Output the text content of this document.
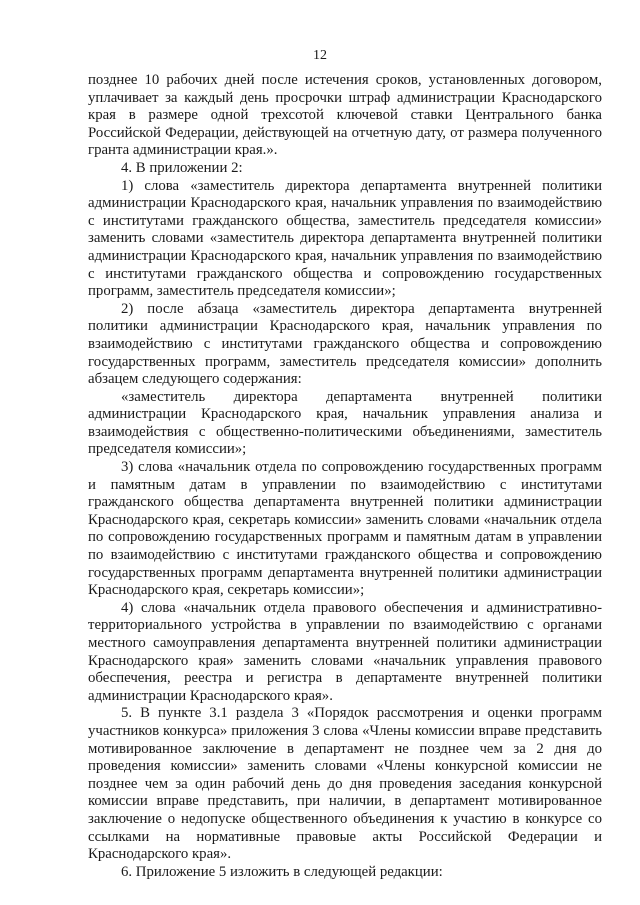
12

позднее 10 рабочих дней после истечения сроков, установленных договором, уплачивает за каждый день просрочки штраф администрации Краснодарского края в размере одной трехсотой ключевой ставки Центрального банка Российской Федерации, действующей на отчетную дату, от размера полученного гранта администрации края.».

4. В приложении 2:

1) слова «заместитель директора департамента внутренней политики администрации Краснодарского края, начальник управления по взаимодействию с институтами гражданского общества, заместитель председателя комиссии» заменить словами «заместитель директора департамента внутренней политики администрации Краснодарского края, начальник управления по взаимодействию с институтами гражданского общества и сопровождению государственных программ, заместитель председателя комиссии»;

2) после абзаца «заместитель директора департамента внутренней политики администрации Краснодарского края, начальник управления по взаимодействию с институтами гражданского общества и сопровождению государственных программ, заместитель председателя комиссии» дополнить абзацем следующего содержания:

«заместитель директора департамента внутренней политики администрации Краснодарского края, начальник управления анализа и взаимодействия с общественно-политическими объединениями, заместитель председателя комиссии»;

3) слова «начальник отдела по сопровождению государственных программ и памятным датам в управлении по взаимодействию с институтами гражданского общества департамента внутренней политики администрации Краснодарского края, секретарь комиссии» заменить словами «начальник отдела по сопровождению государственных программ и памятным датам в управлении по взаимодействию с институтами гражданского общества и сопровождению государственных программ департамента внутренней политики администрации Краснодарского края, секретарь комиссии»;

4) слова «начальник отдела правового обеспечения и административно-территориального устройства в управлении по взаимодействию с органами местного самоуправления департамента внутренней политики администрации Краснодарского края» заменить словами «начальник управления правового обеспечения, реестра и регистра в департаменте внутренней политики администрации Краснодарского края».

5. В пункте 3.1 раздела 3 «Порядок рассмотрения и оценки программ участников конкурса» приложения 3 слова «Члены комиссии вправе представить мотивированное заключение в департамент не позднее чем за 2 дня до проведения комиссии» заменить словами «Члены конкурсной комиссии не позднее чем за один рабочий день до дня проведения заседания конкурсной комиссии вправе представить, при наличии, в департамент мотивированное заключение о недопуске общественного объединения к участию в конкурсе со ссылками на нормативные правовые акты Российской Федерации и Краснодарского края».

6. Приложение 5 изложить в следующей редакции:
